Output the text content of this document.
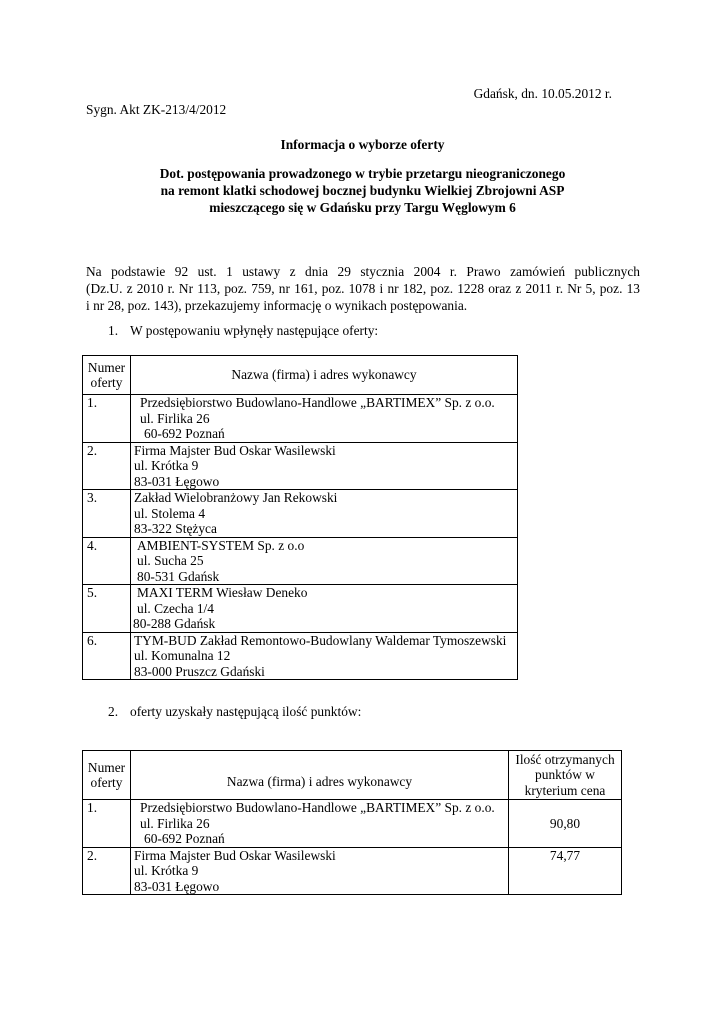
Gdańsk, dn. 10.05.2012 r.
Sygn. Akt ZK-213/4/2012
Informacja o wyborze oferty
Dot. postępowania prowadzonego w trybie przetargu nieograniczonego
na remont klatki schodowej bocznej budynku Wielkiej Zbrojowni ASP
mieszczącego się w Gdańsku przy Targu Węglowym 6
Na podstawie 92 ust. 1 ustawy z dnia 29 stycznia 2004 r. Prawo zamówień publicznych
(Dz.U. z 2010 r. Nr 113, poz. 759, nr 161, poz. 1078 i nr 182, poz. 1228 oraz z 2011 r. Nr 5, poz. 13
i nr 28, poz. 143), przekazujemy informację o wynikach postępowania.
1. W postępowaniu wpłynęły następujące oferty:
Numer oferty	Nazwa (firma) i adres wykonawcy
1.	Przedsiębiorstwo Budowlano-Handlowe „BARTIMEX” Sp. z o.o.
ul. Firlika 26
60-692 Poznań

2.	Firma Majster Bud Oskar Wasilewski
ul. Krótka 9
83-031 Łęgowo

3.	Zakład Wielobranżowy Jan Rekowski
ul. Stolema 4
83-322 Stężyca

4.	AMBIENT-SYSTEM Sp. z o.o
ul. Sucha 25
80-531 Gdańsk

5.	MAXI TERM Wiesław Deneko
ul. Czecha 1/4
80-288 Gdańsk

6.	TYM-BUD Zakład Remontowo-Budowlany Waldemar Tymoszewski
ul. Komunalna 12
83-000 Pruszcz Gdański
2. oferty uzyskały następującą ilość punktów:
Numer oferty	Nazwa (firma) i adres wykonawcy	Ilość otrzymanych punktów w kryterium cena
1.	Przedsiębiorstwo Budowlano-Handlowe „BARTIMEX” Sp. z o.o.
ul. Firlika 26
60-692 Poznań	90,80
2.	Firma Majster Bud Oskar Wasilewski
ul. Krótka 9
83-031 Łęgowo	74,77
